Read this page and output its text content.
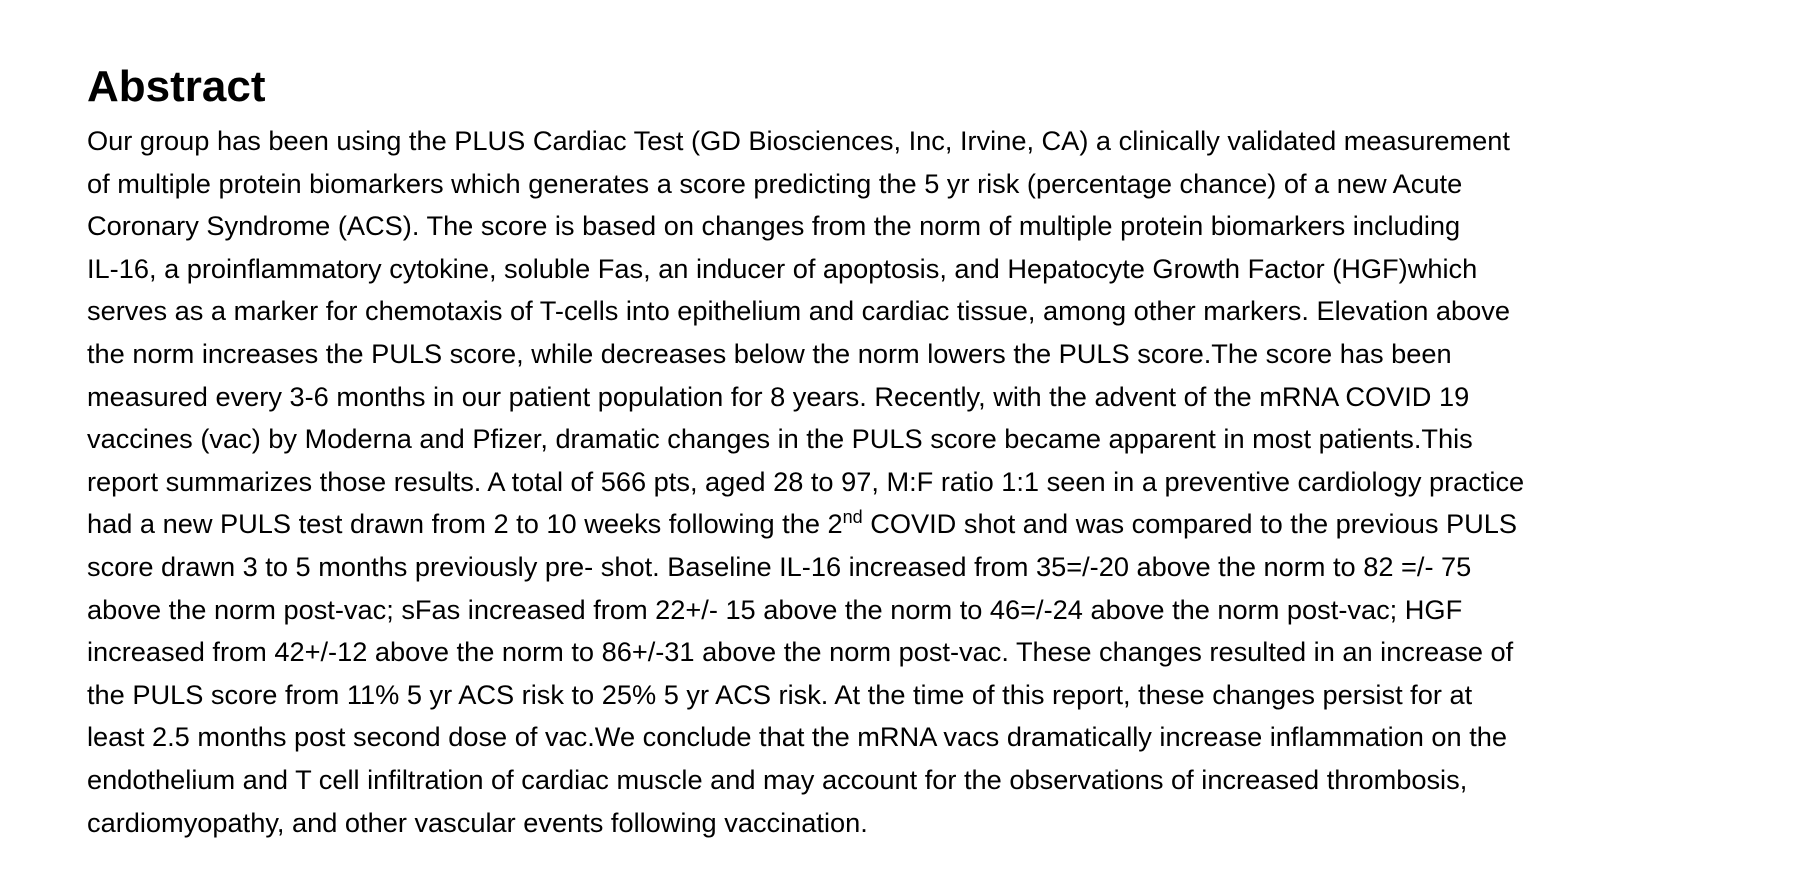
Abstract

Our group has been using the PLUS Cardiac Test (GD Biosciences, Inc, Irvine, CA) a clinically validated measurement
of multiple protein biomarkers which generates a score predicting the 5 yr risk (percentage chance) of a new Acute
Coronary Syndrome (ACS). The score is based on changes from the norm of multiple protein biomarkers including
IL-16, a proinflammatory cytokine, soluble Fas, an inducer of apoptosis, and Hepatocyte Growth Factor (HGF)which
serves as a marker for chemotaxis of T-cells into epithelium and cardiac tissue, among other markers. Elevation above
the norm increases the PULS score, while decreases below the norm lowers the PULS score.The score has been
measured every 3-6 months in our patient population for 8 years. Recently, with the advent of the mRNA COVID 19
vaccines (vac) by Moderna and Pfizer, dramatic changes in the PULS score became apparent in most patients.This
report summarizes those results. A total of 566 pts, aged 28 to 97, M:F ratio 1:1 seen in a preventive cardiology practice
had a new PULS test drawn from 2 to 10 weeks following the 2nd COVID shot and was compared to the previous PULS
score drawn 3 to 5 months previously pre- shot. Baseline IL-16 increased from 35=/-20 above the norm to 82 =/- 75
above the norm post-vac; sFas increased from 22+/- 15 above the norm to 46=/-24 above the norm post-vac; HGF
increased from 42+/-12 above the norm to 86+/-31 above the norm post-vac. These changes resulted in an increase of
the PULS score from 11% 5 yr ACS risk to 25% 5 yr ACS risk. At the time of this report, these changes persist for at
least 2.5 months post second dose of vac.We conclude that the mRNA vacs dramatically increase inflammation on the
endothelium and T cell infiltration of cardiac muscle and may account for the observations of increased thrombosis,
cardiomyopathy, and other vascular events following vaccination.
